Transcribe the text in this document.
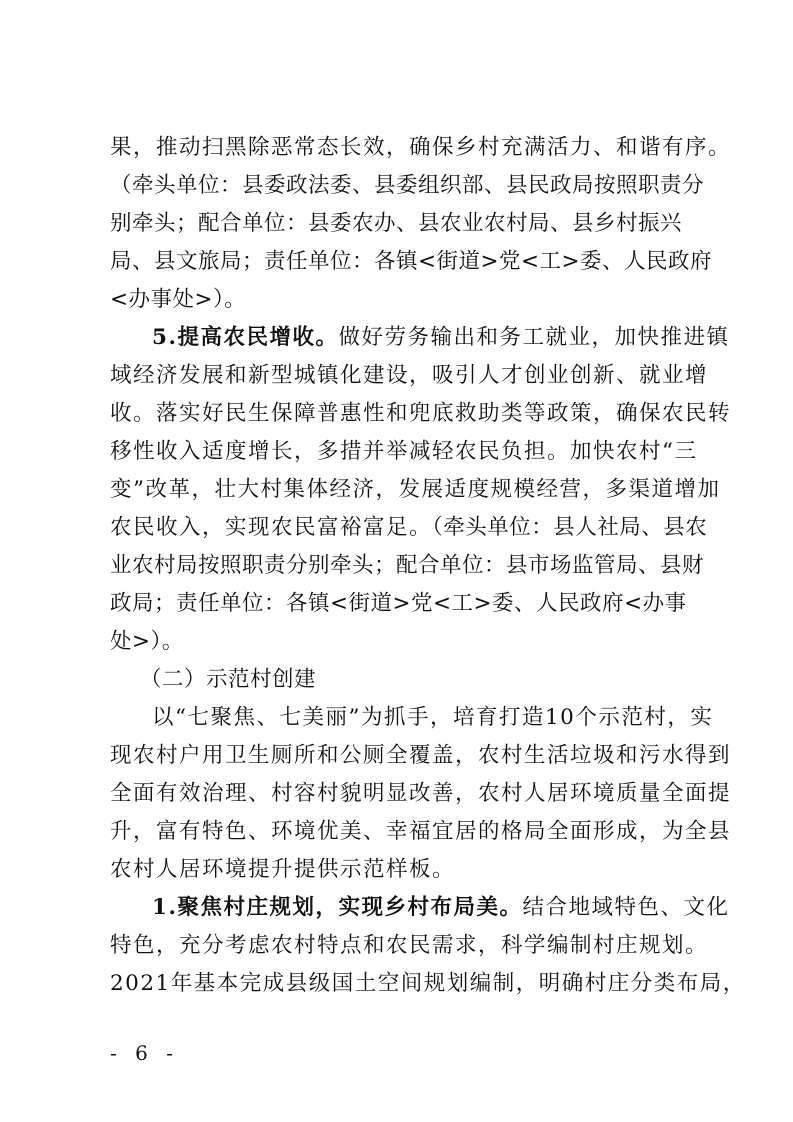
果，推动扫黑除恶常态长效，确保乡村充满活力、和谐有序。
（牵头单位：县委政法委、县委组织部、县民政局按照职责分
别牵头；配合单位：县委农办、县农业农村局、县乡村振兴
局、县文旅局；责任单位：各镇<街道>党<工>委、人民政府
<办事处>）。
5.提高农民增收。做好劳务输出和务工就业，加快推进镇
域经济发展和新型城镇化建设，吸引人才创业创新、就业增
收。落实好民生保障普惠性和兜底救助类等政策，确保农民转
移性收入适度增长，多措并举减轻农民负担。加快农村“三
变”改革，壮大村集体经济，发展适度规模经营，多渠道增加
农民收入，实现农民富裕富足。（牵头单位：县人社局、县农
业农村局按照职责分别牵头；配合单位：县市场监管局、县财
政局；责任单位：各镇<街道>党<工>委、人民政府<办事
处>）。
（二）示范村创建
以“七聚焦、七美丽”为抓手，培育打造10个示范村，实
现农村户用卫生厕所和公厕全覆盖，农村生活垃圾和污水得到
全面有效治理、村容村貌明显改善，农村人居环境质量全面提
升，富有特色、环境优美、幸福宜居的格局全面形成，为全县
农村人居环境提升提供示范样板。
1.聚焦村庄规划，实现乡村布局美。结合地域特色、文化
特色，充分考虑农村特点和农民需求，科学编制村庄规划。
2021年基本完成县级国土空间规划编制，明确村庄分类布局，
- 6 -
